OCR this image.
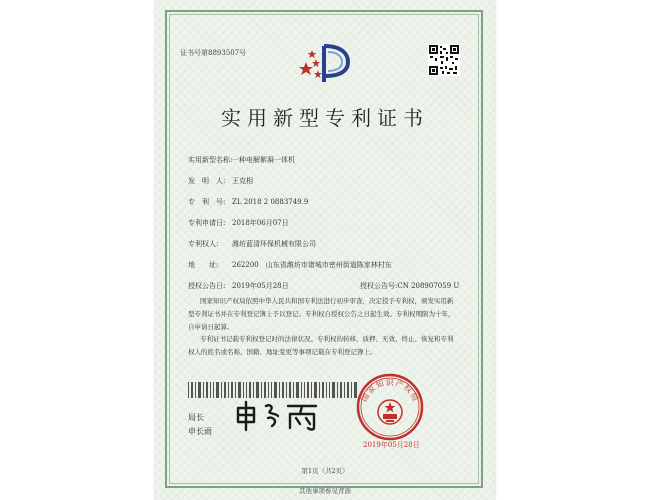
证书号第8893507号
实用新型专利证书
实用新型名称:一种电解絮凝一体机
发　明　人: 王克相
专　利　号: ZL 2018 2 0883749.9
专利申请日: 2018年06月07日
专利权人: 潍坊蓝清环保机械有限公司
地　　址: 262200　山东省潍坊市诸城市密州街道陈家林村东
授权公告日: 2019年05月28日	授权公告号:CN 208907059 U
国家知识产权局依照中华人民共和国专利法进行初步审查，决定授予专利权，颁发实用新型专利证书并在专利登记簿上予以登记。专利权自授权公告之日起生效。专利权期限为十年，自申请日起算。
专利证书记载专利权登记时的法律状况。专利权的转移、质押、无效、终止、恢复和专利权人的姓名或名称、国籍、地址变更等事项记载在专利登记簿上。
国家知识产权局
局长
申长雨
2019年05月28日
第1页（共2页）
其他事项参见背面
